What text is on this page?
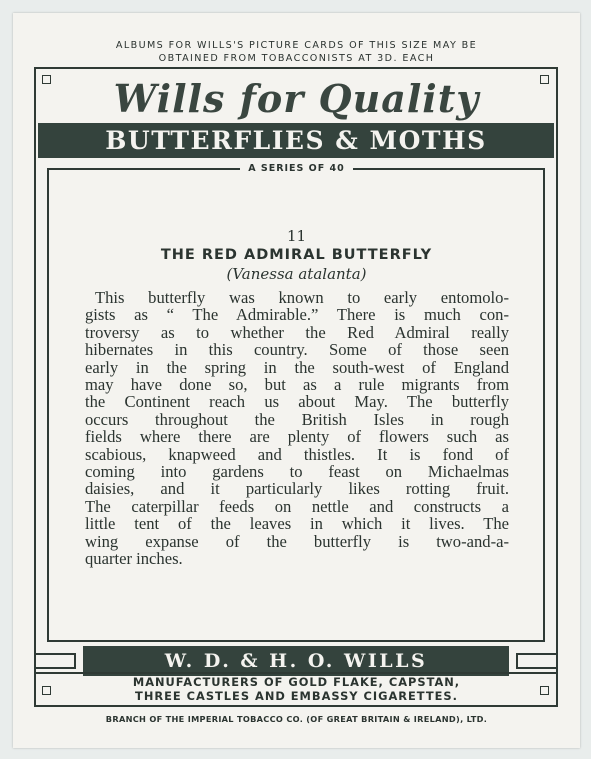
ALBUMS FOR WILLS'S PICTURE CARDS OF THIS SIZE MAY BE
OBTAINED FROM TOBACCONISTS AT 3D. EACH
Wills for Quality
BUTTERFLIES & MOTHS
A SERIES OF 40
11
THE RED ADMIRAL BUTTERFLY
(Vanessa atalanta)
This butterfly was known to early entomolo-
gists as “ The Admirable.” There is much con-
troversy as to whether the Red Admiral really
hibernates in this country. Some of those seen
early in the spring in the south-west of England
may have done so, but as a rule migrants from
the Continent reach us about May. The butterfly
occurs throughout the British Isles in rough
fields where there are plenty of flowers such as
scabious, knapweed and thistles. It is fond of
coming into gardens to feast on Michaelmas
daisies, and it particularly likes rotting fruit.
The caterpillar feeds on nettle and constructs a
little tent of the leaves in which it lives. The
wing expanse of the butterfly is two-and-a-
quarter inches.
W. D. & H. O. WILLS
MANUFACTURERS OF GOLD FLAKE, CAPSTAN,
THREE CASTLES AND EMBASSY CIGARETTES.
BRANCH OF THE IMPERIAL TOBACCO CO. (OF GREAT BRITAIN & IRELAND), LTD.
